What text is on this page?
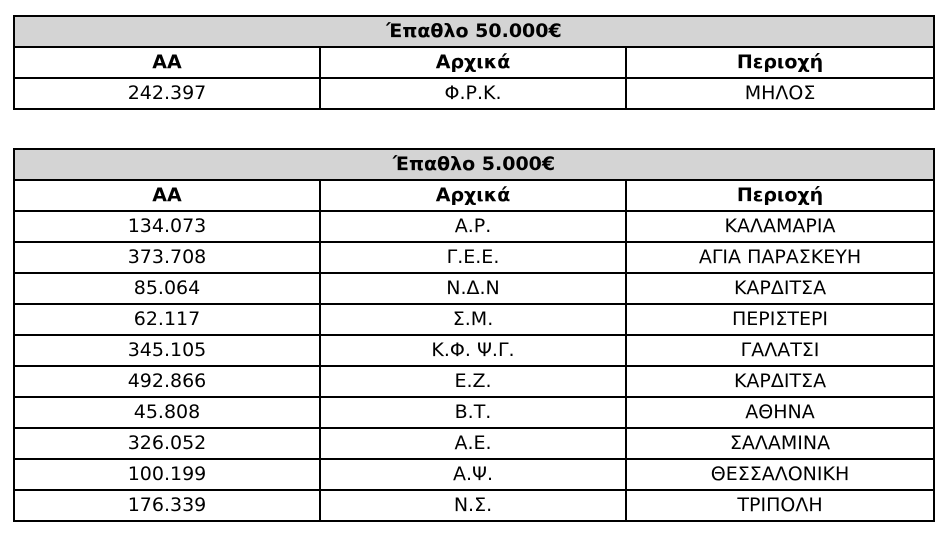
Έπαθλο 50.000€		
ΑΑ	Αρχικά	Περιοχή
242.397	Φ.Ρ.Κ.	ΜΗΛΟΣ
Έπαθλο 5.000€		
ΑΑ	Αρχικά	Περιοχή
134.073	Α.Ρ.	ΚΑΛΑΜΑΡΙΑ
373.708	Γ.Ε.Ε.	ΑΓΙΑ ΠΑΡΑΣΚΕΥΗ
85.064	Ν.Δ.Ν	ΚΑΡΔΙΤΣΑ
62.117	Σ.Μ.	ΠΕΡΙΣΤΕΡΙ
345.105	Κ.Φ. Ψ.Γ.	ΓΑΛΑΤΣΙ
492.866	Ε.Ζ.	ΚΑΡΔΙΤΣΑ
45.808	Β.Τ.	ΑΘΗΝΑ
326.052	Α.Ε.	ΣΑΛΑΜΙΝΑ
100.199	Α.Ψ.	ΘΕΣΣΑΛΟΝΙΚΗ
176.339	Ν.Σ.	ΤΡΙΠΟΛΗ
